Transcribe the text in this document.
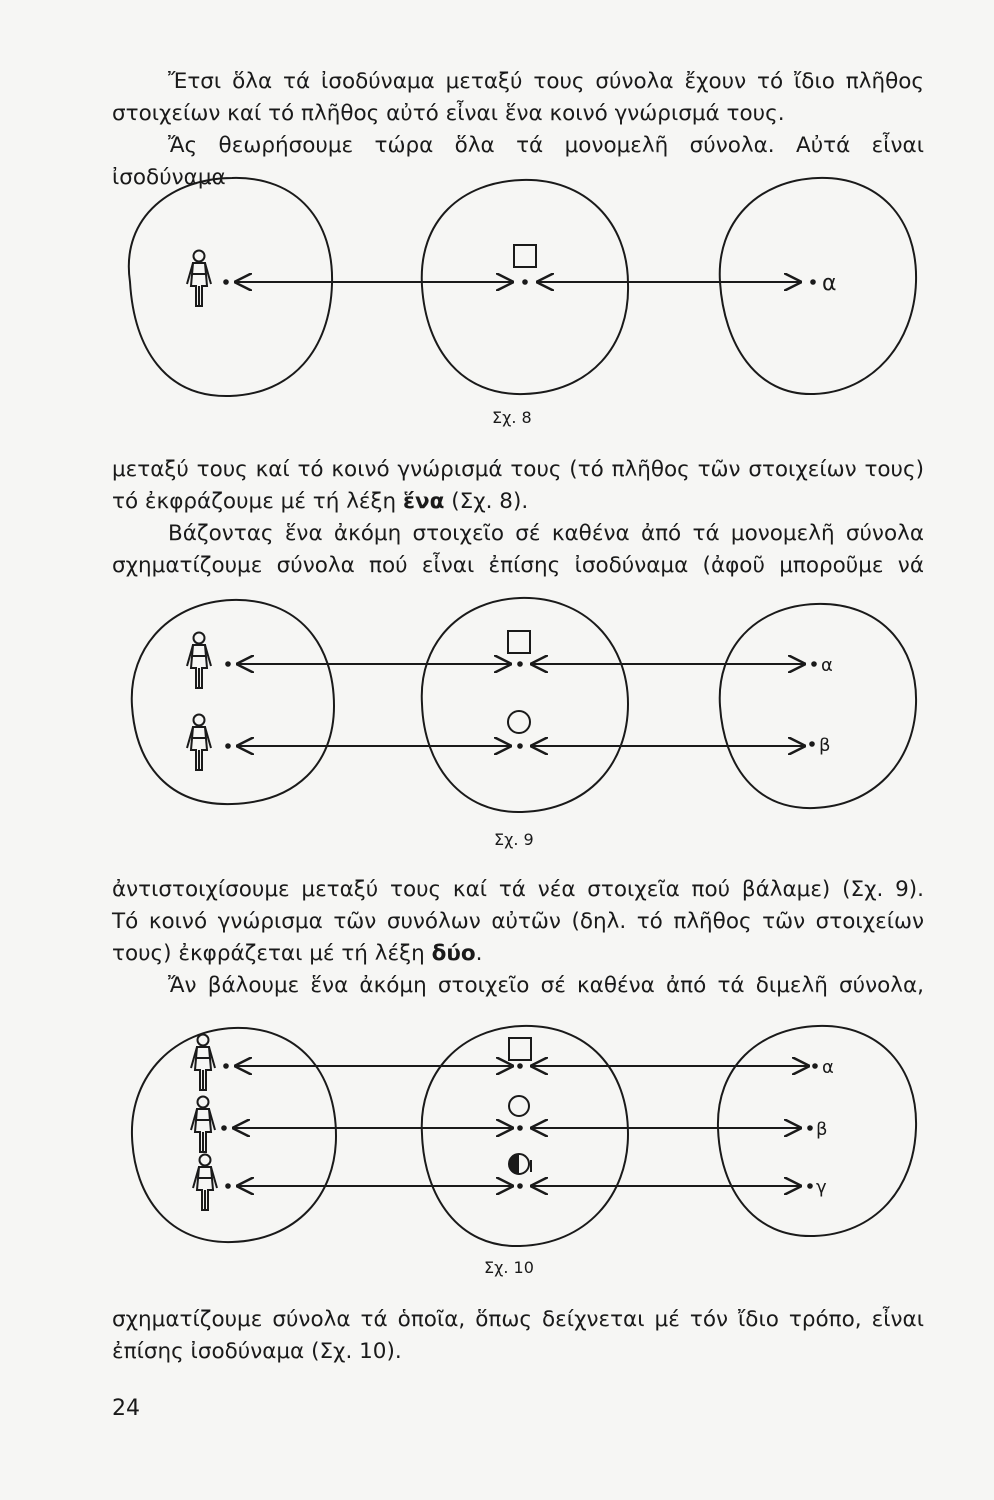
Ἔτσι ὅλα τά ἰσοδύναμα μεταξύ τους σύνολα ἔχουν τό ἴδιο πλῆθος

στοιχείων καί τό πλῆθος αὐτό εἶναι ἕνα κοινό γνώρισμά τους.

Ἄς θεωρήσουμε τώρα ὅλα τά μονομελῆ σύνολα. Αὐτά εἶναι ἰσοδύναμα

α
α
β
α
β
γ
Σχ. 8
Σχ. 9
Σχ. 10

μεταξύ τους καί τό κοινό γνώρισμά τους (τό πλῆθος τῶν στοιχείων τους)

τό ἐκφράζουμε μέ τή λέξη ἕνα (Σχ. 8).

Βάζοντας ἕνα ἀκόμη στοιχεῖο σέ καθένα ἀπό τά μονομελῆ σύνολα

σχηματίζουμε σύνολα πού εἶναι ἐπίσης ἰσοδύναμα (ἀφοῦ μποροῦμε νά

ἀντιστοιχίσουμε μεταξύ τους καί τά νέα στοιχεῖα πού βάλαμε) (Σχ. 9).

Τό κοινό γνώρισμα τῶν συνόλων αὐτῶν (δηλ. τό πλῆθος τῶν στοιχείων

τους) ἐκφράζεται μέ τή λέξη δύο.

Ἄν βάλουμε ἕνα ἀκόμη στοιχεῖο σέ καθένα ἀπό τά διμελῆ σύνολα,

σχηματίζουμε σύνολα τά ὁποῖα, ὅπως δείχνεται μέ τόν ἴδιο τρόπο, εἶναι

ἐπίσης ἰσοδύναμα (Σχ. 10).

24
